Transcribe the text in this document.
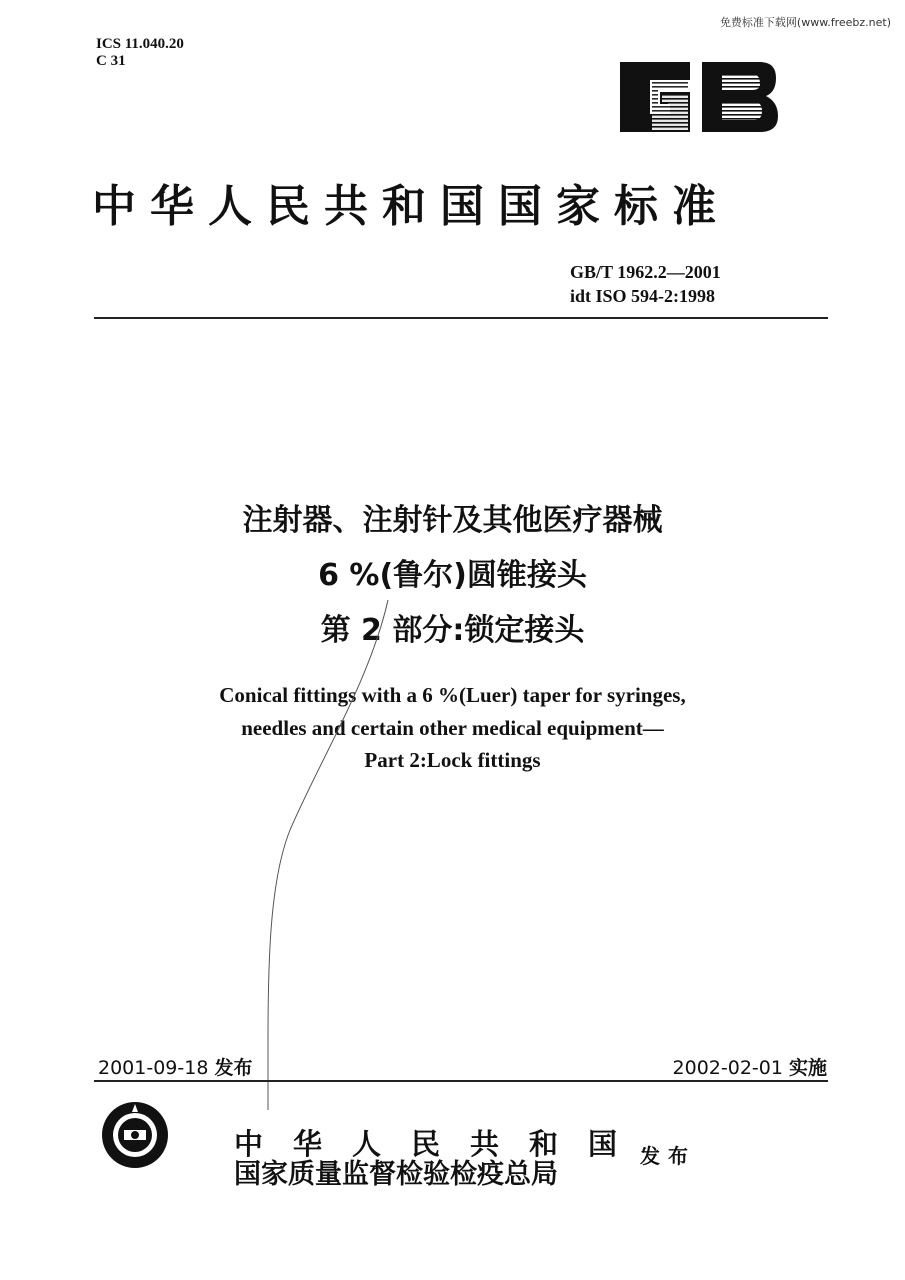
免费标准下载网(www.freebz.net)
ICS 11.040.20
C 31
中华人民共和国国家标准
GB/T 1962.2—2001
idt ISO 594-2:1998
注射器、注射针及其他医疗器械
6 %(鲁尔)圆锥接头
第 2 部分:锁定接头
Conical fittings with a 6 %(Luer) taper for syringes,
needles and certain other medical equipment—
Part 2:Lock fittings
2001-09-18 发布	2002-02-01 实施
中华人民共和国
国家质量监督检验检疫总局
发布
